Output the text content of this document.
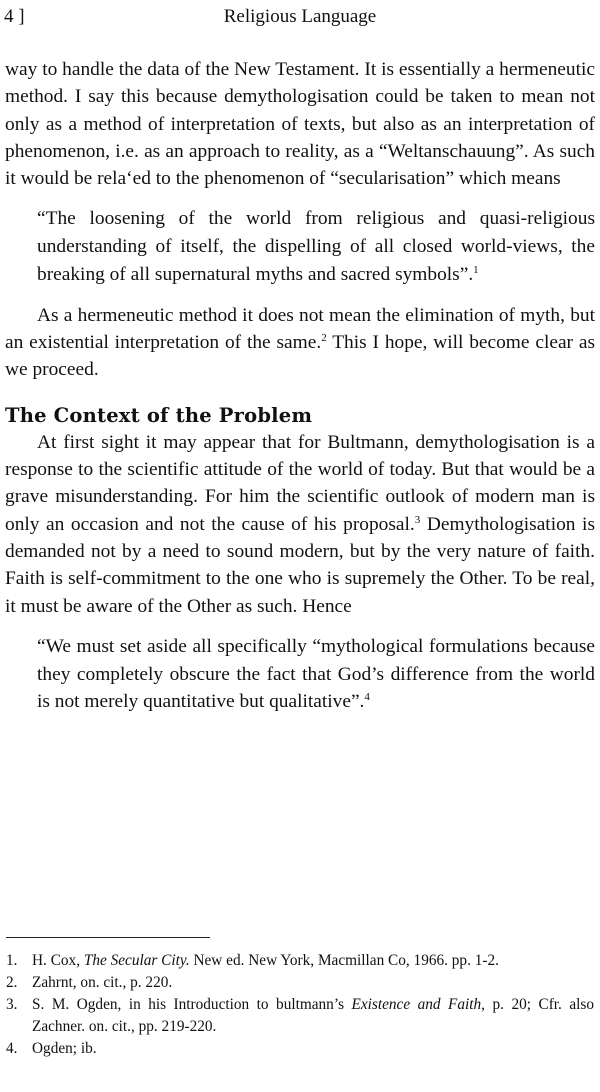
4 ]	Religious Language

way to handle the data of the New Testament. It is essentially a hermeneutic method. I say this because demythologisation could be taken to mean not only as a method of interpretation of texts, but also as an interpretation of phenomenon, i.e. as an approach to reality, as a “Weltanschauung”. As such it would be rela‘ed to the phenomenon of “secularisation” which means

“The loosening of the world from religious and quasi-religious understanding of itself, the dispelling of all closed world-views, the breaking of all supernatural myths and sacred symbols”.$^1$

As a hermeneutic method it does not mean the elimination of myth, but an existential interpretation of the same.$^2$ This I hope, will become clear as we proceed.

The Context of the Problem

At first sight it may appear that for Bultmann, demythologisation is a response to the scientific attitude of the world of today. But that would be a grave misunderstanding. For him the scientific outlook of modern man is only an occasion and not the cause of his proposal.$^3$ Demythologisation is demanded not by a need to sound modern, but by the very nature of faith. Faith is self-commitment to the one who is supremely the Other. To be real, it must be aware of the Other as such. Hence

“We must set aside all specifically “mythological formulations because they completely obscure the fact that God’s difference from the world is not merely quantitative but qualitative”.$^4$

1. H. Cox, The Secular City. New ed. New York, Macmillan Co, 1966. pp. 1-2.
2. Zahrnt, on. cit., p. 220.
3. S. M. Ogden, in his Introduction to bultmann’s Existence and Faith, p. 20; Cfr. also Zachner. on. cit., pp. 219-220.
4. Ogden; ib.
